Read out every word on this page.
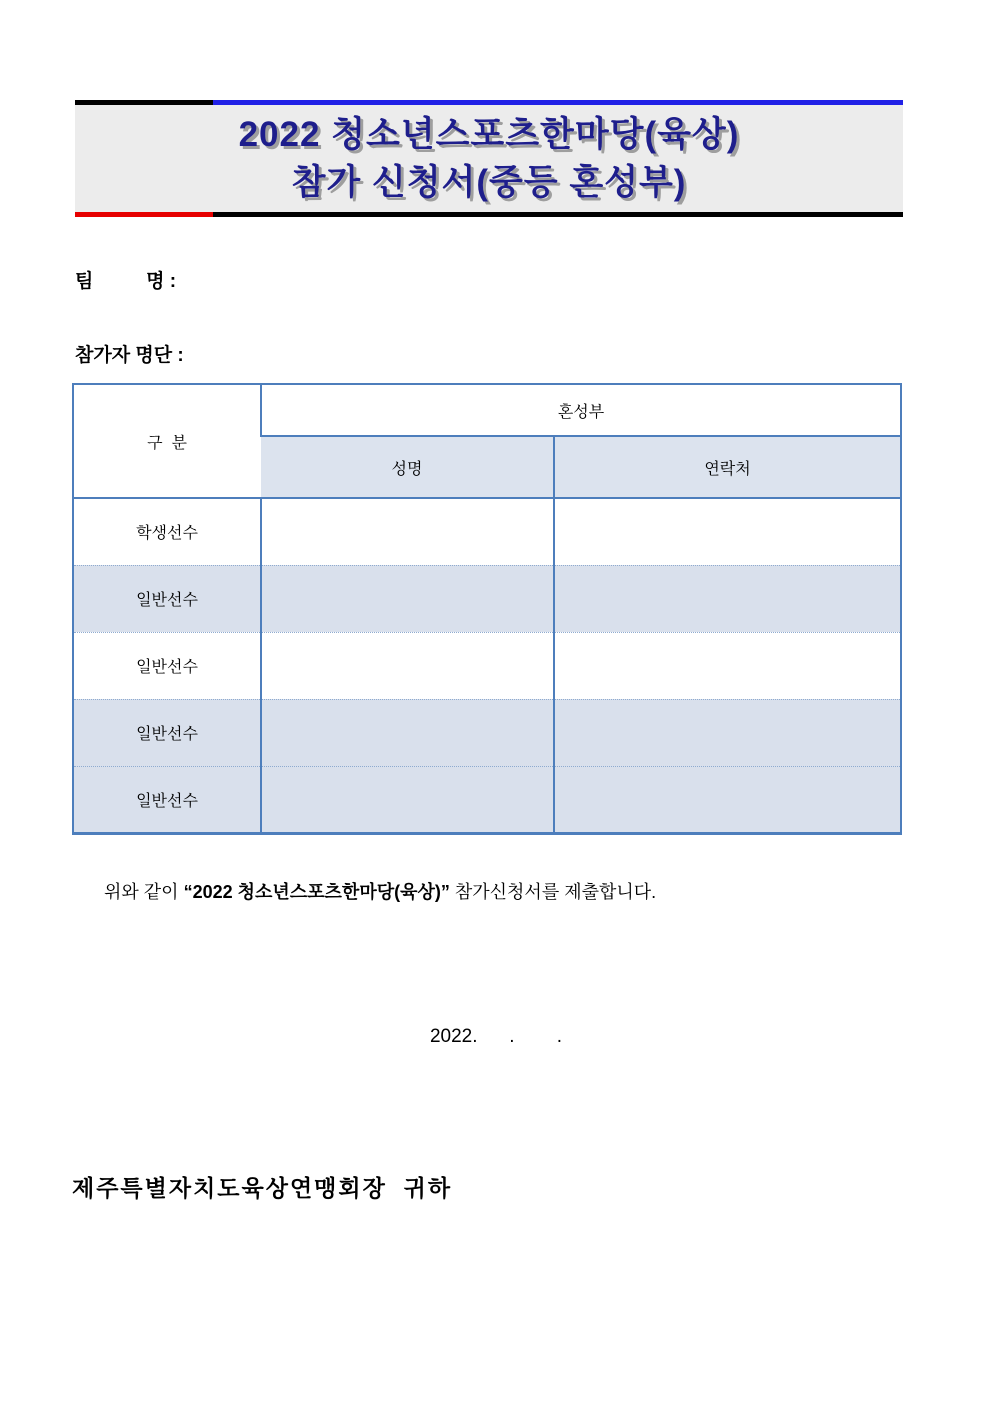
2022 청소년스포츠한마당(육상)
참가 신청서(중등 혼성부)
팀          명 :
참가자 명단 :
구  분	혼성부	
	성명	연락처
학생선수		
일반선수		
일반선수		
일반선수		
일반선수		

위와 같이 “2022 청소년스포츠한마당(육상)” 참가신청서를 제출합니다.

2022.      .        .
제주특별자치도육상연맹회장  귀하
